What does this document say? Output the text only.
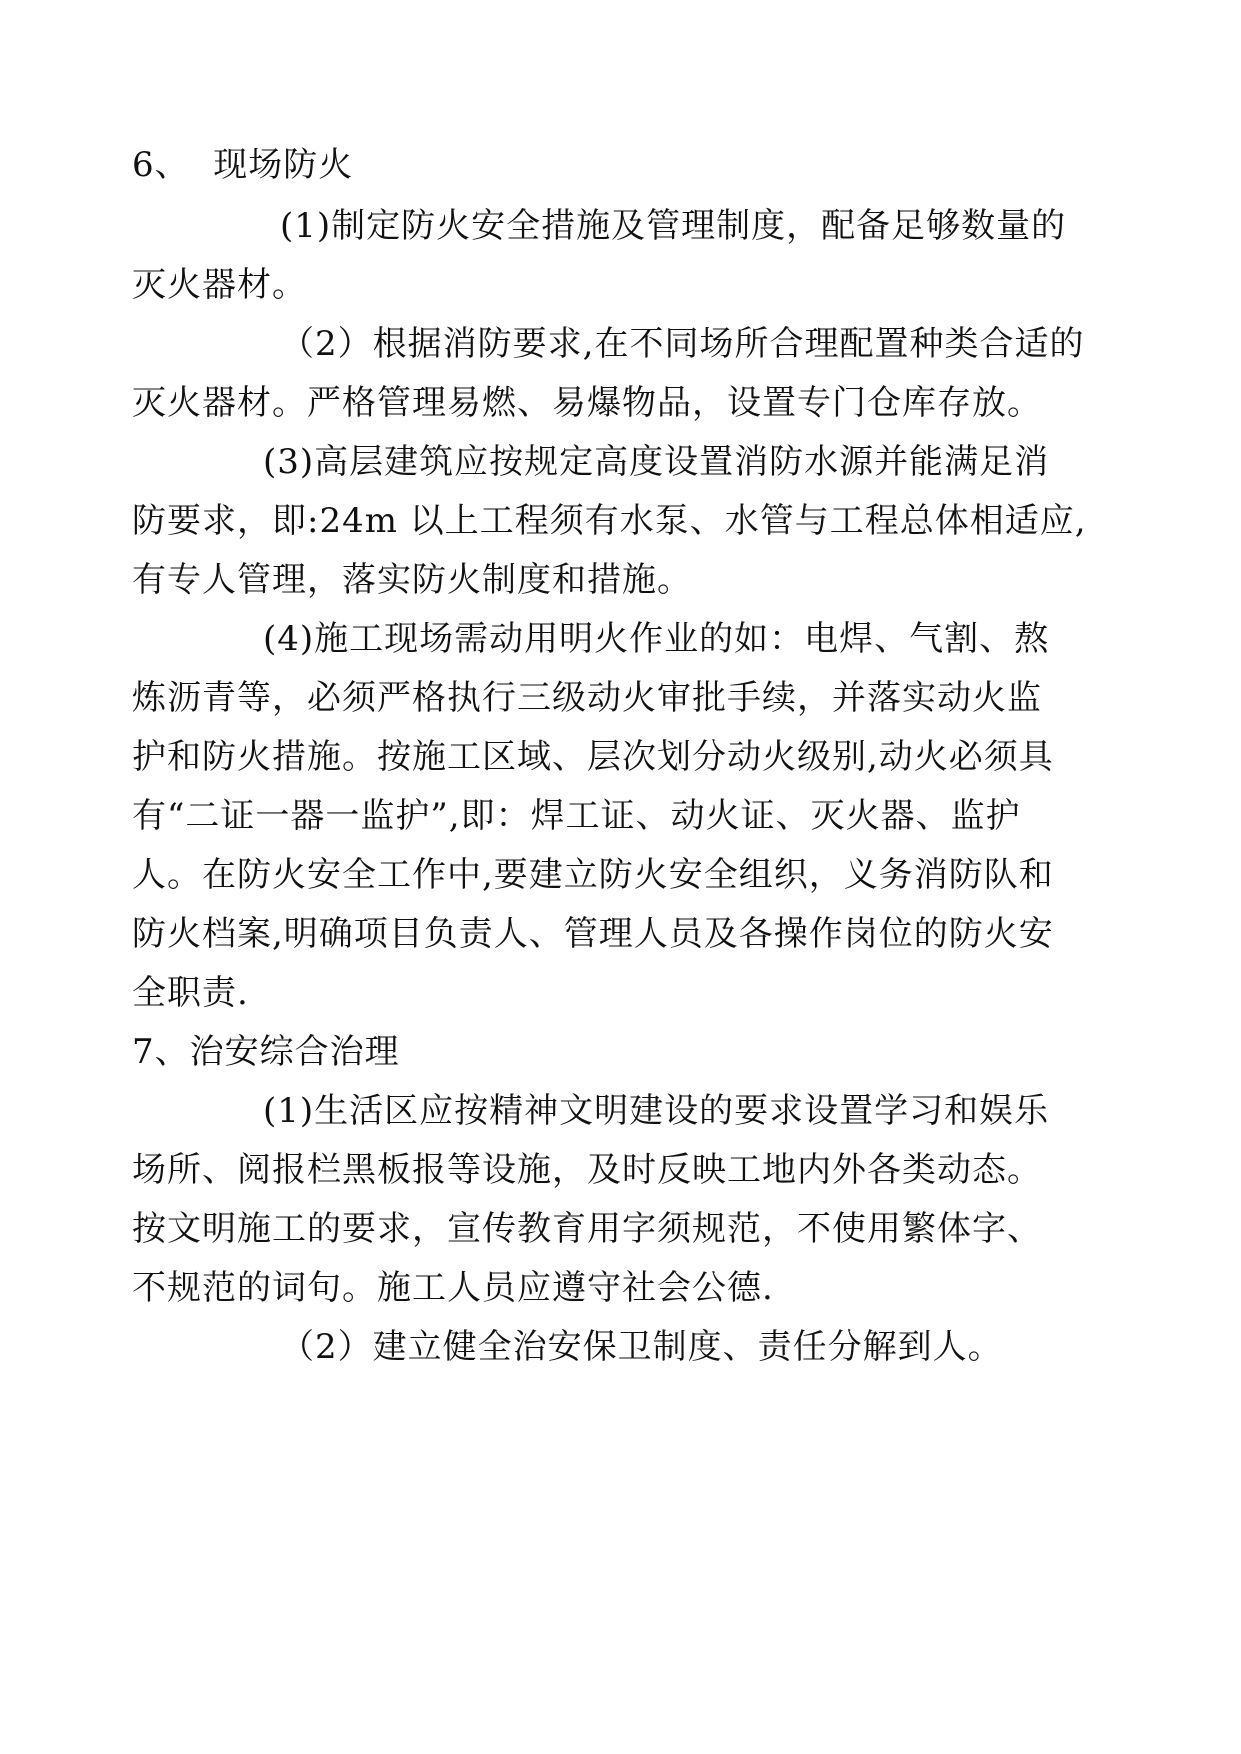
6、  现场防火
(1)制定防火安全措施及管理制度，配备足够数量的
灭火器材。
（2）根据消防要求,在不同场所合理配置种类合适的
灭火器材。严格管理易燃、易爆物品，设置专门仓库存放。
(3)高层建筑应按规定高度设置消防水源并能满足消
防要求，即:24m 以上工程须有水泵、水管与工程总体相适应,
有专人管理，落实防火制度和措施。
(4)施工现场需动用明火作业的如：电焊、气割、熬
炼沥青等，必须严格执行三级动火审批手续，并落实动火监
护和防火措施。按施工区域、层次划分动火级别,动火必须具
有“二证一器一监护”,即：焊工证、动火证、灭火器、监护
人。在防火安全工作中,要建立防火安全组织，义务消防队和
防火档案,明确项目负责人、管理人员及各操作岗位的防火安
全职责.
7、治安综合治理
(1)生活区应按精神文明建设的要求设置学习和娱乐
场所、阅报栏黑板报等设施，及时反映工地内外各类动态。
按文明施工的要求，宣传教育用字须规范，不使用繁体字、
不规范的词句。施工人员应遵守社会公德.
（2）建立健全治安保卫制度、责任分解到人。
